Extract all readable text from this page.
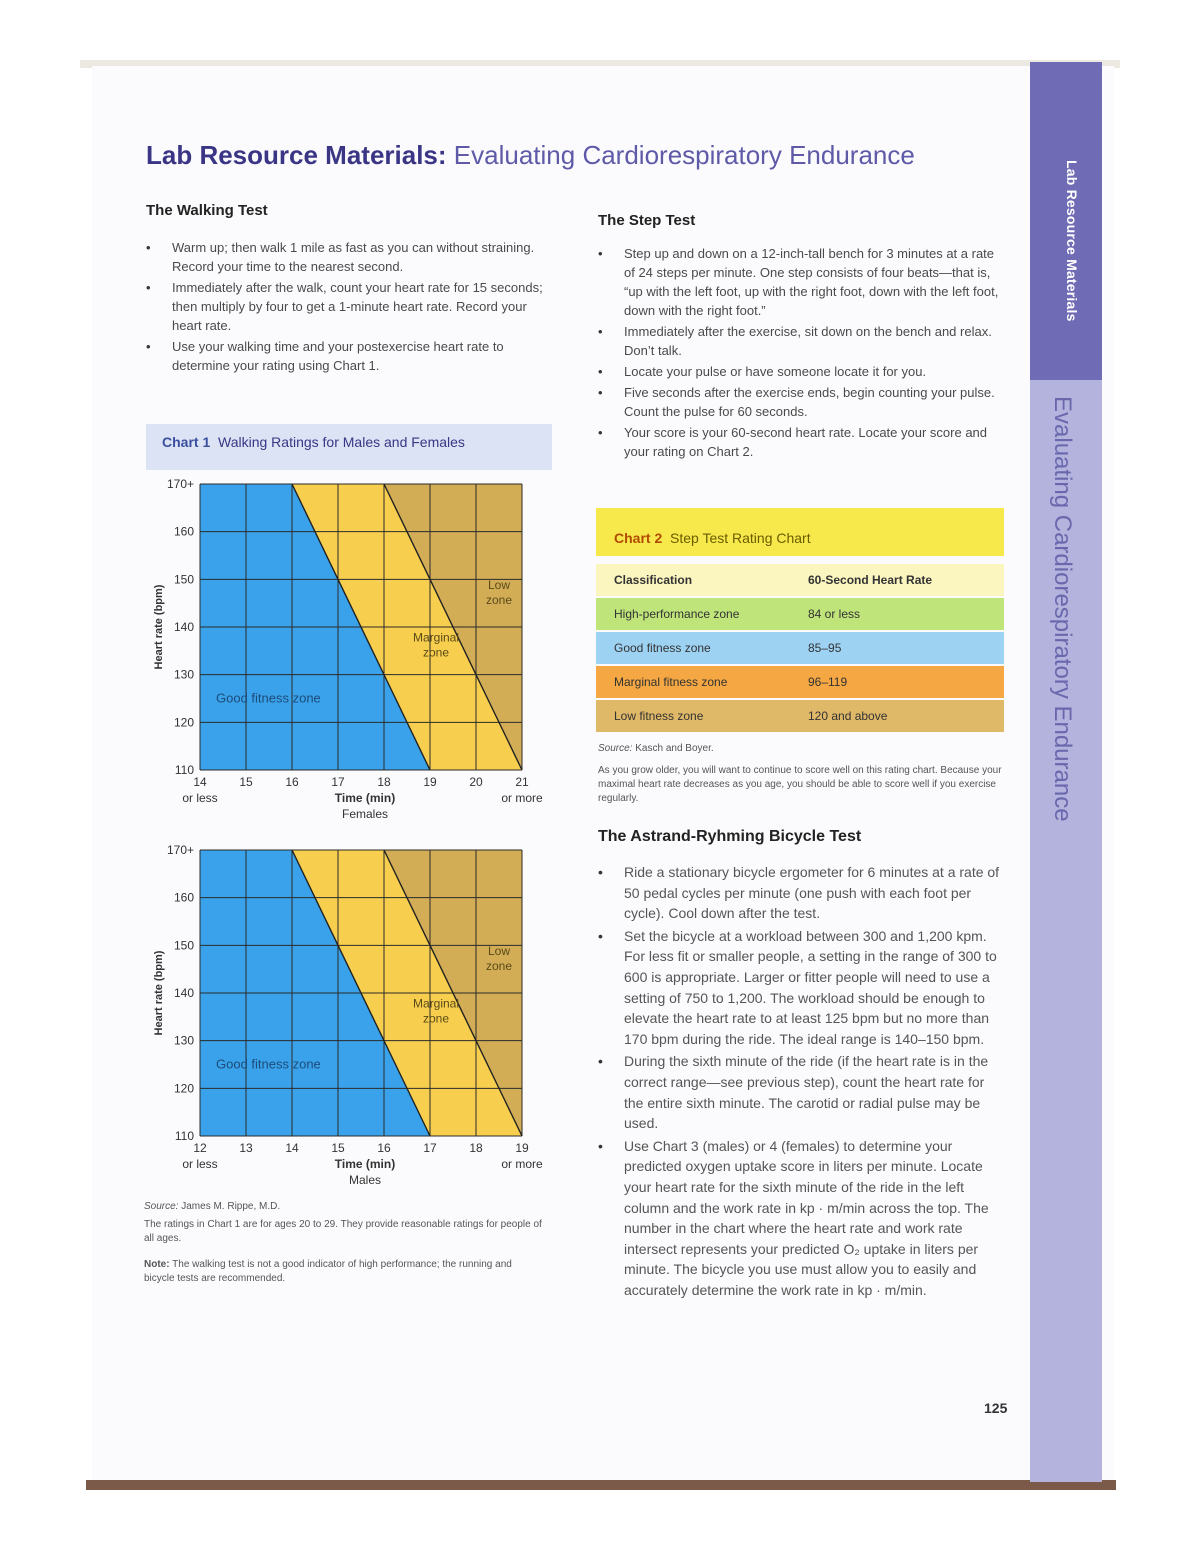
Lab Resource Materials
Evaluating Cardiorespiratory Endurance
Lab Resource Materials: Evaluating Cardiorespiratory Endurance
The Walking Test
• Warm up; then walk 1 mile as fast as you can without straining. Record your time to the nearest second.
• Immediately after the walk, count your heart rate for 15 seconds; then multiply by four to get a 1-minute heart rate. Record your heart rate.
• Use your walking time and your postexercise heart rate to determine your rating using Chart 1.
Chart 1 Walking Ratings for Males and Females
110
120
130
140
150
160
170+
14	15	16	17	18	19	20	21
or less	or more
Time (min)
Females
Heart rate (bpm)
Good fitness zone
Marginal
zone
Low
zone
110
120
130
140
150
160
170+
12	13	14	15	16	17	18	19
or less	or more
Time (min)
Males
Heart rate (bpm)
Good fitness zone
Marginal
zone
Low
zone
Source: James M. Rippe, M.D.
The ratings in Chart 1 are for ages 20 to 29. They provide reasonable ratings for people of all ages.
Note: The walking test is not a good indicator of high performance; the running and bicycle tests are recommended.
The Step Test
• Step up and down on a 12-inch-tall bench for 3 minutes at a rate of 24 steps per minute. One step consists of four beats—that is, “up with the left foot, up with the right foot, down with the left foot, down with the right foot.”
• Immediately after the exercise, sit down on the bench and relax. Don’t talk.
• Locate your pulse or have someone locate it for you.
• Five seconds after the exercise ends, begin counting your pulse. Count the pulse for 60 seconds.
• Your score is your 60-second heart rate. Locate your score and your rating on Chart 2.
Chart 2 Step Test Rating Chart
Classification	60-Second Heart Rate
High-performance zone	84 or less
Good fitness zone	85–95
Marginal fitness zone	96–119
Low fitness zone	120 and above
Source: Kasch and Boyer.
As you grow older, you will want to continue to score well on this rating chart. Because your maximal heart rate decreases as you age, you should be able to score well if you exercise regularly.
The Astrand-Ryhming Bicycle Test
• Ride a stationary bicycle ergometer for 6 minutes at a rate of 50 pedal cycles per minute (one push with each foot per cycle). Cool down after the test.
• Set the bicycle at a workload between 300 and 1,200 kpm. For less fit or smaller people, a setting in the range of 300 to 600 is appropriate. Larger or fitter people will need to use a setting of 750 to 1,200. The workload should be enough to elevate the heart rate to at least 125 bpm but no more than 170 bpm during the ride. The ideal range is 140–150 bpm.
• During the sixth minute of the ride (if the heart rate is in the correct range—see previous step), count the heart rate for the entire sixth minute. The carotid or radial pulse may be used.
• Use Chart 3 (males) or 4 (females) to determine your predicted oxygen uptake score in liters per minute. Locate your heart rate for the sixth minute of the ride in the left column and the work rate in kp · m/min across the top. The number in the chart where the heart rate and work rate intersect represents your predicted O₂ uptake in liters per minute. The bicycle you use must allow you to easily and accurately determine the work rate in kp · m/min.
125
